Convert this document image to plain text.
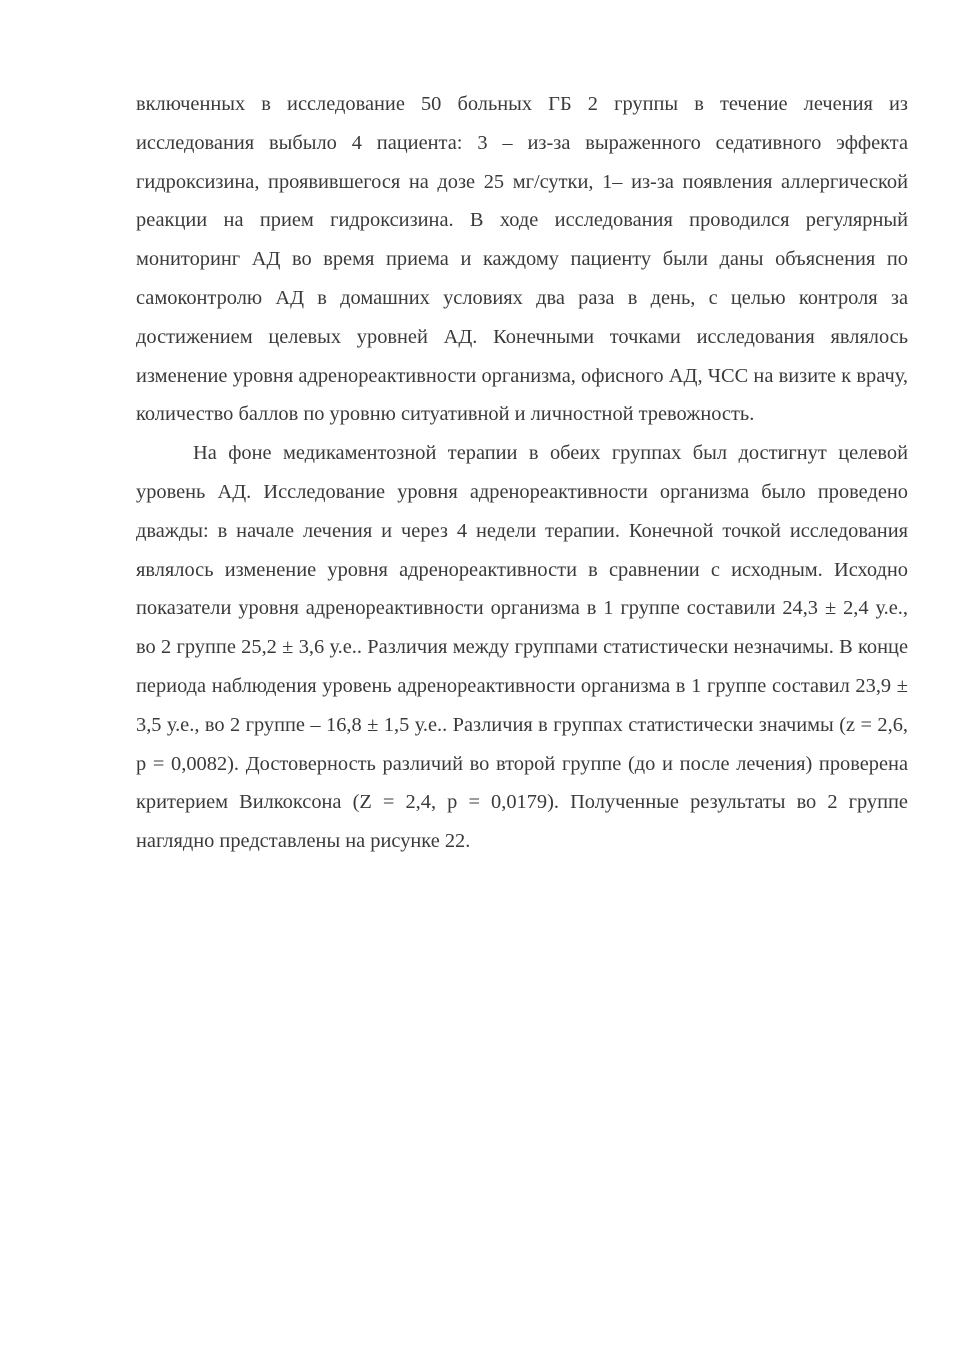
включенных в исследование 50 больных ГБ 2 группы в течение лечения из исследования выбыло 4 пациента: 3 – из-за выраженного седативного эффекта гидроксизина, проявившегося на дозе 25 мг/сутки, 1– из-за появления аллергической реакции на прием гидроксизина. В ходе исследования проводился регулярный мониторинг АД во время приема и каждому пациенту были даны объяснения по самоконтролю АД в домашних условиях два раза в день, с целью контроля за достижением целевых уровней АД. Конечными точками исследования являлось изменение уровня адренореактивности организма, офисного АД, ЧСС на визите к врачу, количество баллов по уровню ситуативной и личностной тревожность.

На фоне медикаментозной терапии в обеих группах был достигнут целевой уровень АД. Исследование уровня адренореактивности организма было проведено дважды: в начале лечения и через 4 недели терапии. Конечной точкой исследования являлось изменение уровня адренореактивности в сравнении с исходным. Исходно показатели уровня адренореактивности организма в 1 группе составили 24,3 ± 2,4 у.е., во 2 группе 25,2 ± 3,6 у.е.. Различия между группами статистически незначимы. В конце периода наблюдения уровень адренореактивности организма в 1 группе составил 23,9 ± 3,5 у.е., во 2 группе – 16,8 ± 1,5 у.е.. Различия в группах статистически значимы (z = 2,6, p = 0,0082). Достоверность различий во второй группе (до и после лечения) проверена критерием Вилкоксона (Z = 2,4, p = 0,0179). Полученные результаты во 2 группе наглядно представлены на рисунке 22.
